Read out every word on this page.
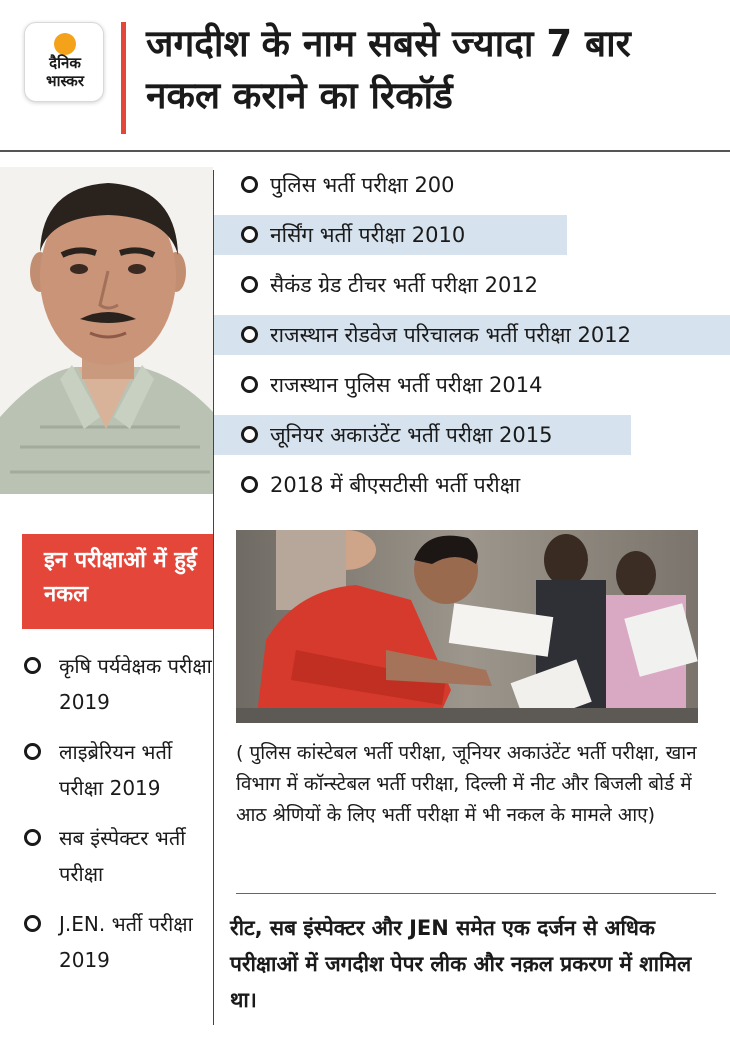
दैनिक
भास्कर
जगदीश के नाम सबसे ज्यादा 7 बार नकल कराने का रिकॉर्ड
पुलिस भर्ती परीक्षा 200
नर्सिंग भर्ती परीक्षा 2010
सैकंड ग्रेड टीचर भर्ती परीक्षा 2012
राजस्थान रोडवेज परिचालक भर्ती परीक्षा 2012
राजस्थान पुलिस भर्ती परीक्षा 2014
जूनियर अकाउंटेंट भर्ती परीक्षा 2015
2018 में बीएसटीसी भर्ती परीक्षा
इन परीक्षाओं में हुई नकल
कृषि पर्यवेक्षक परीक्षा 2019
लाइब्रेरियन भर्ती परीक्षा 2019
सब इंस्पेक्टर भर्ती परीक्षा
J.EN. भर्ती परीक्षा 2019
( पुलिस कांस्टेबल भर्ती परीक्षा, जूनियर अकाउंटेंट भर्ती परीक्षा, खान विभाग में कॉन्स्टेबल भर्ती परीक्षा, दिल्ली में नीट और बिजली बोर्ड में आठ श्रेणियों के लिए भर्ती परीक्षा में भी नकल के मामले आए)
रीट, सब इंस्पेक्टर और JEN समेत एक दर्जन से अधिक परीक्षाओं में जगदीश पेपर लीक और नक़ल प्रकरण में शामिल था।
